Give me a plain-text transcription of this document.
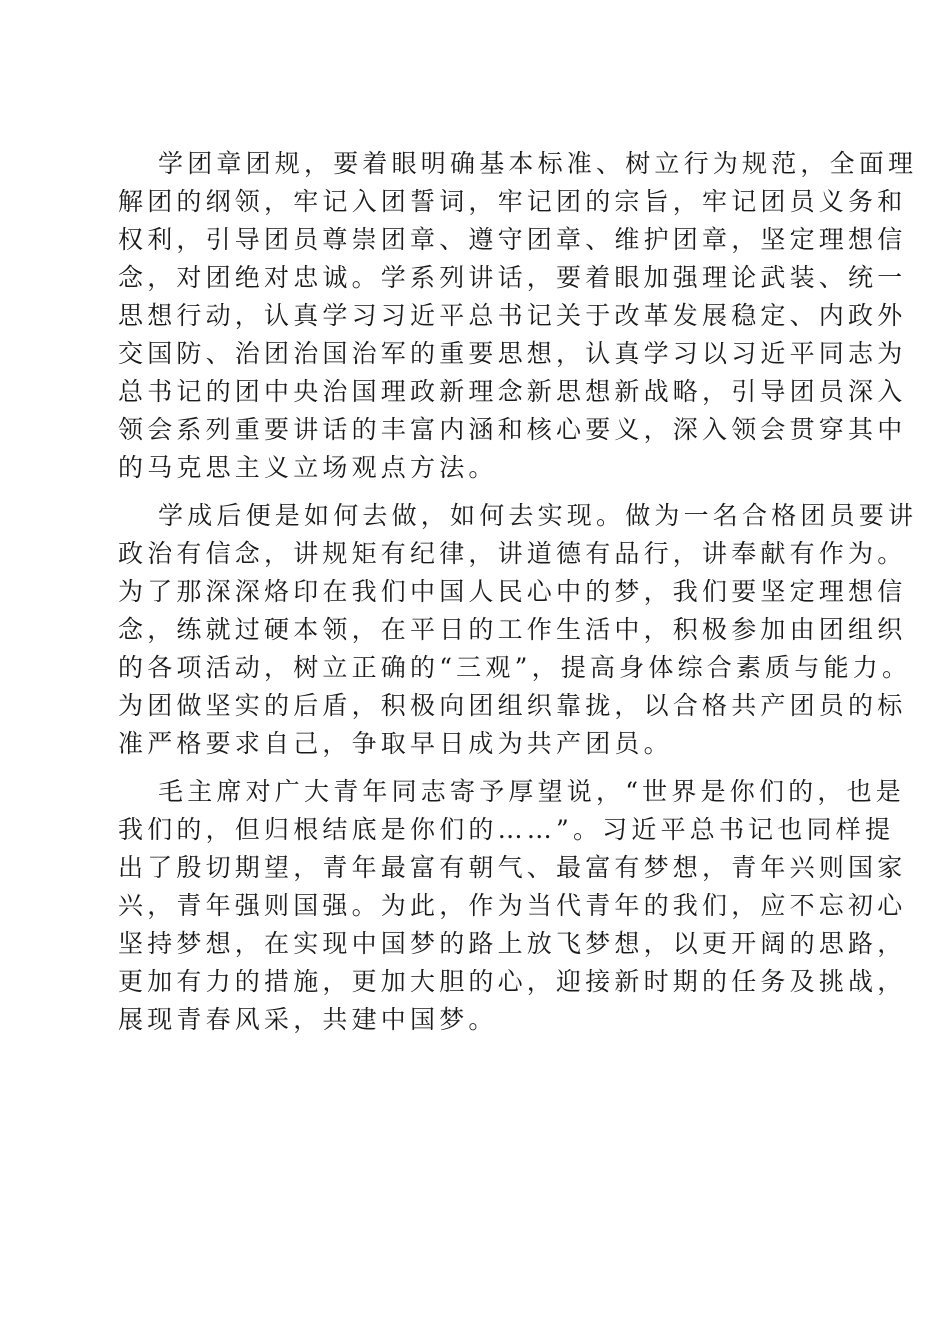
学团章团规，要着眼明确基本标准、树立行为规范，全面理
解团的纲领，牢记入团誓词，牢记团的宗旨，牢记团员义务和
权利，引导团员尊崇团章、遵守团章、维护团章，坚定理想信
念，对团绝对忠诚。学系列讲话，要着眼加强理论武装、统一
思想行动，认真学习习近平总书记关于改革发展稳定、内政外
交国防、治团治国治军的重要思想，认真学习以习近平同志为
总书记的团中央治国理政新理念新思想新战略，引导团员深入
领会系列重要讲话的丰富内涵和核心要义，深入领会贯穿其中
的马克思主义立场观点方法。
学成后便是如何去做，如何去实现。做为一名合格团员要讲
政治有信念，讲规矩有纪律，讲道德有品行，讲奉献有作为。
为了那深深烙印在我们中国人民心中的梦，我们要坚定理想信
念，练就过硬本领，在平日的工作生活中，积极参加由团组织
的各项活动，树立正确的“三观”，提高身体综合素质与能力。
为团做坚实的后盾，积极向团组织靠拢，以合格共产团员的标
准严格要求自己，争取早日成为共产团员。
毛主席对广大青年同志寄予厚望说，“世界是你们的，也是
我们的，但归根结底是你们的……”。习近平总书记也同样提
出了殷切期望，青年最富有朝气、最富有梦想，青年兴则国家
兴，青年强则国强。为此，作为当代青年的我们，应不忘初心
坚持梦想，在实现中国梦的路上放飞梦想，以更开阔的思路，
更加有力的措施，更加大胆的心，迎接新时期的任务及挑战，
展现青春风采，共建中国梦。
